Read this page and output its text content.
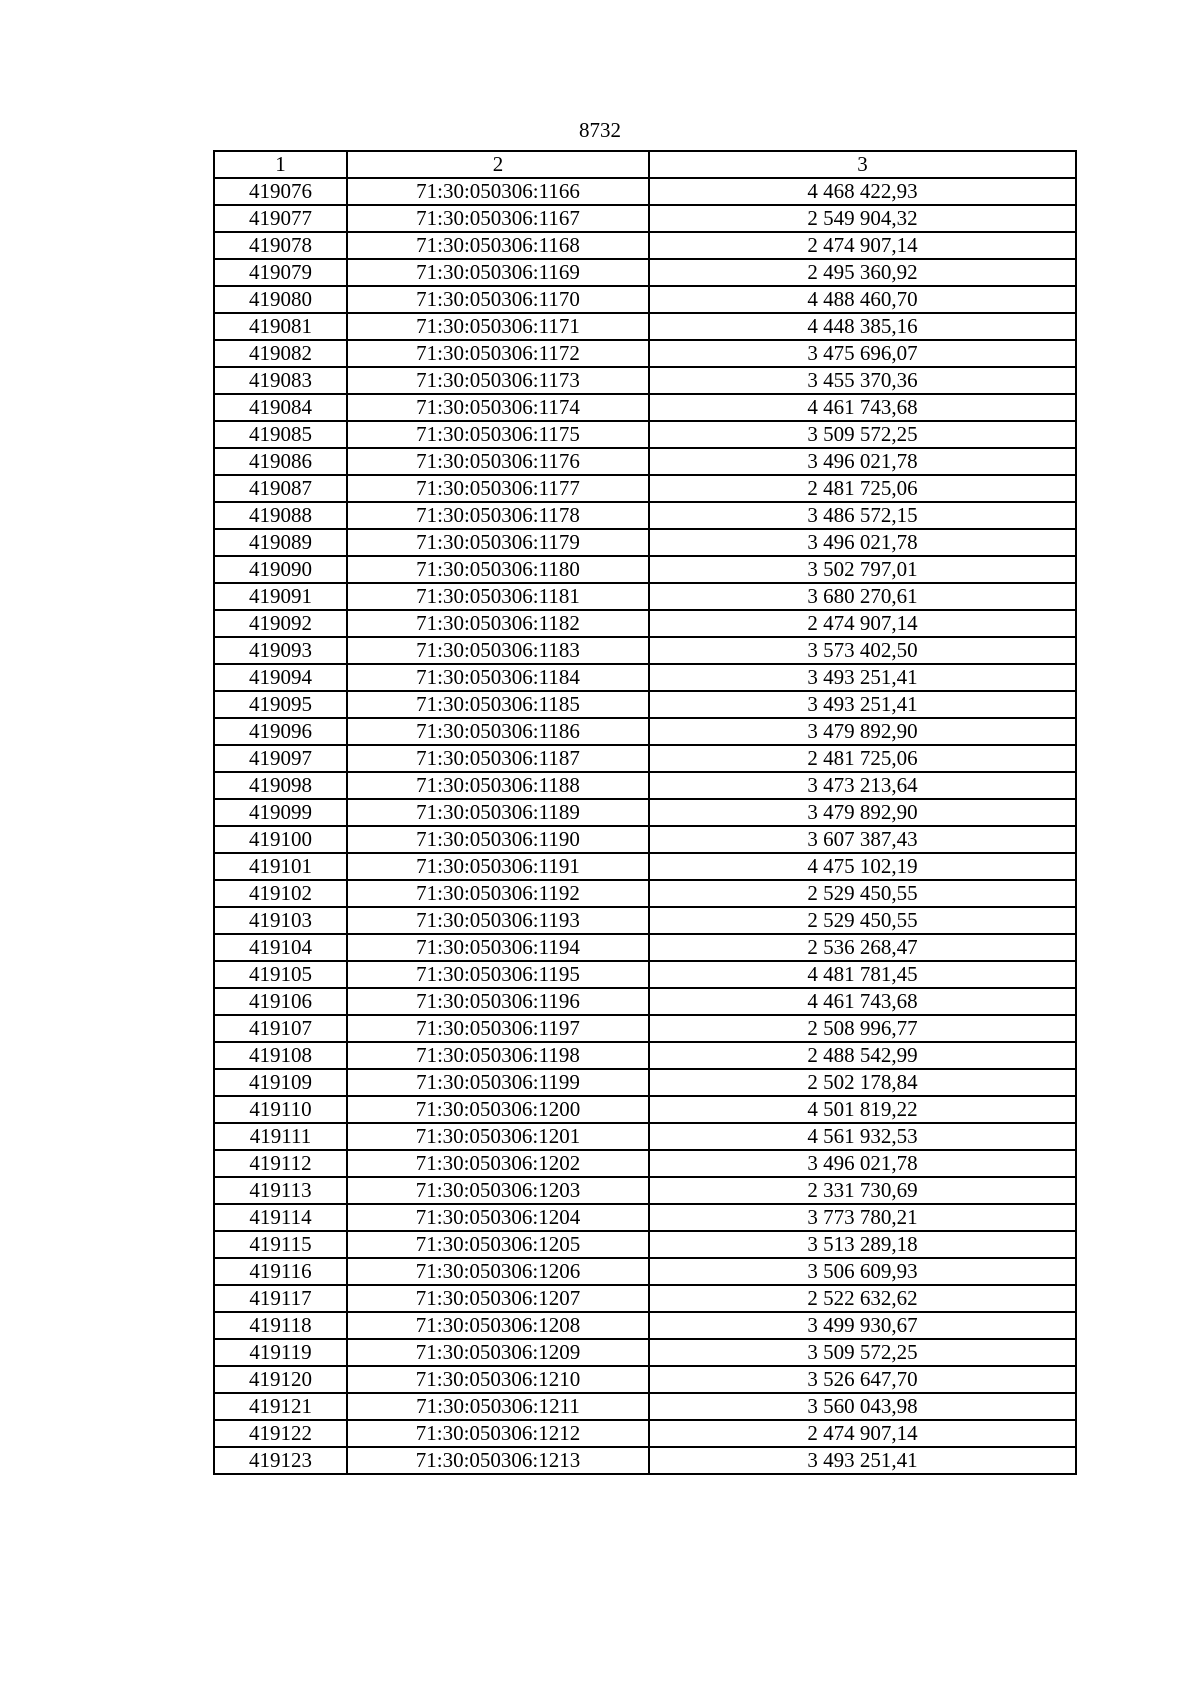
8732
1	2	3
419076	71:30:050306:1166	4 468 422,93
419077	71:30:050306:1167	2 549 904,32
419078	71:30:050306:1168	2 474 907,14
419079	71:30:050306:1169	2 495 360,92
419080	71:30:050306:1170	4 488 460,70
419081	71:30:050306:1171	4 448 385,16
419082	71:30:050306:1172	3 475 696,07
419083	71:30:050306:1173	3 455 370,36
419084	71:30:050306:1174	4 461 743,68
419085	71:30:050306:1175	3 509 572,25
419086	71:30:050306:1176	3 496 021,78
419087	71:30:050306:1177	2 481 725,06
419088	71:30:050306:1178	3 486 572,15
419089	71:30:050306:1179	3 496 021,78
419090	71:30:050306:1180	3 502 797,01
419091	71:30:050306:1181	3 680 270,61
419092	71:30:050306:1182	2 474 907,14
419093	71:30:050306:1183	3 573 402,50
419094	71:30:050306:1184	3 493 251,41
419095	71:30:050306:1185	3 493 251,41
419096	71:30:050306:1186	3 479 892,90
419097	71:30:050306:1187	2 481 725,06
419098	71:30:050306:1188	3 473 213,64
419099	71:30:050306:1189	3 479 892,90
419100	71:30:050306:1190	3 607 387,43
419101	71:30:050306:1191	4 475 102,19
419102	71:30:050306:1192	2 529 450,55
419103	71:30:050306:1193	2 529 450,55
419104	71:30:050306:1194	2 536 268,47
419105	71:30:050306:1195	4 481 781,45
419106	71:30:050306:1196	4 461 743,68
419107	71:30:050306:1197	2 508 996,77
419108	71:30:050306:1198	2 488 542,99
419109	71:30:050306:1199	2 502 178,84
419110	71:30:050306:1200	4 501 819,22
419111	71:30:050306:1201	4 561 932,53
419112	71:30:050306:1202	3 496 021,78
419113	71:30:050306:1203	2 331 730,69
419114	71:30:050306:1204	3 773 780,21
419115	71:30:050306:1205	3 513 289,18
419116	71:30:050306:1206	3 506 609,93
419117	71:30:050306:1207	2 522 632,62
419118	71:30:050306:1208	3 499 930,67
419119	71:30:050306:1209	3 509 572,25
419120	71:30:050306:1210	3 526 647,70
419121	71:30:050306:1211	3 560 043,98
419122	71:30:050306:1212	2 474 907,14
419123	71:30:050306:1213	3 493 251,41
